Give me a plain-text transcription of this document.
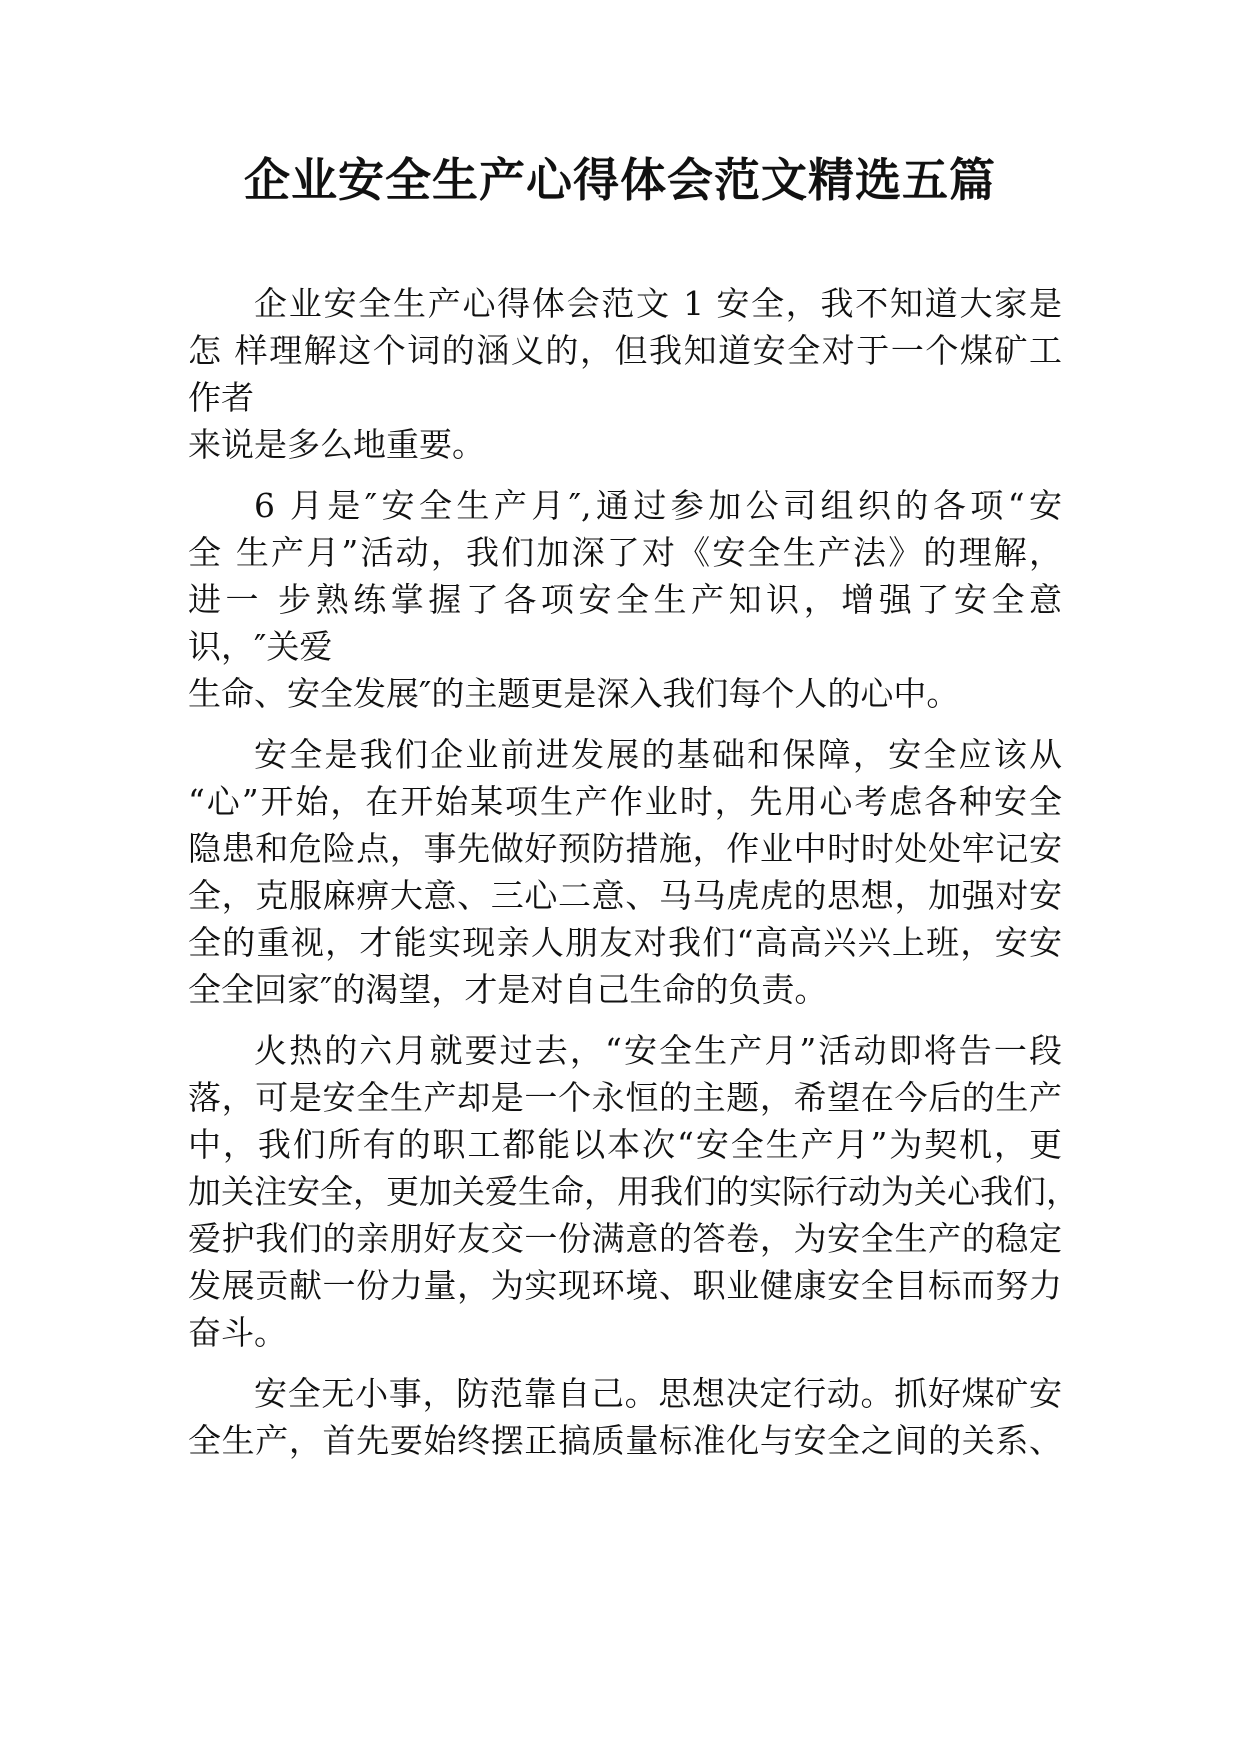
企业安全生产心得体会范文精选五篇
企业安全生产心得体会范文 1 安全，我不知道大家是
怎 样理解这个词的涵义的，但我知道安全对于一个煤矿工
作者
来说是多么地重要。
6 月是″安全生产月″,通过参加公司组织的各项“安
全 生产月”活动，我们加深了对《安全生产法》的理解，
进一 步熟练掌握了各项安全生产知识，增强了安全意
识，″关爱
生命、安全发展″的主题更是深入我们每个人的心中。
安全是我们企业前进发展的基础和保障，安全应该从
“心”开始，在开始某项生产作业时，先用心考虑各种安全
隐患和危险点，事先做好预防措施，作业中时时处处牢记安
全，克服麻痹大意、三心二意、马马虎虎的思想，加强对安
全的重视，才能实现亲人朋友对我们“高高兴兴上班，安安
全全回家″的渴望，才是对自己生命的负责。
火热的六月就要过去，“安全生产月”活动即将告一段
落，可是安全生产却是一个永恒的主题，希望在今后的生产
中，我们所有的职工都能以本次“安全生产月”为契机，更
加关注安全，更加关爱生命，用我们的实际行动为关心我们，
爱护我们的亲朋好友交一份满意的答卷，为安全生产的稳定
发展贡献一份力量，为实现环境、职业健康安全目标而努力
奋斗。
安全无小事，防范靠自己。思想决定行动。抓好煤矿安
全生产，首先要始终摆正搞质量标准化与安全之间的关系、
